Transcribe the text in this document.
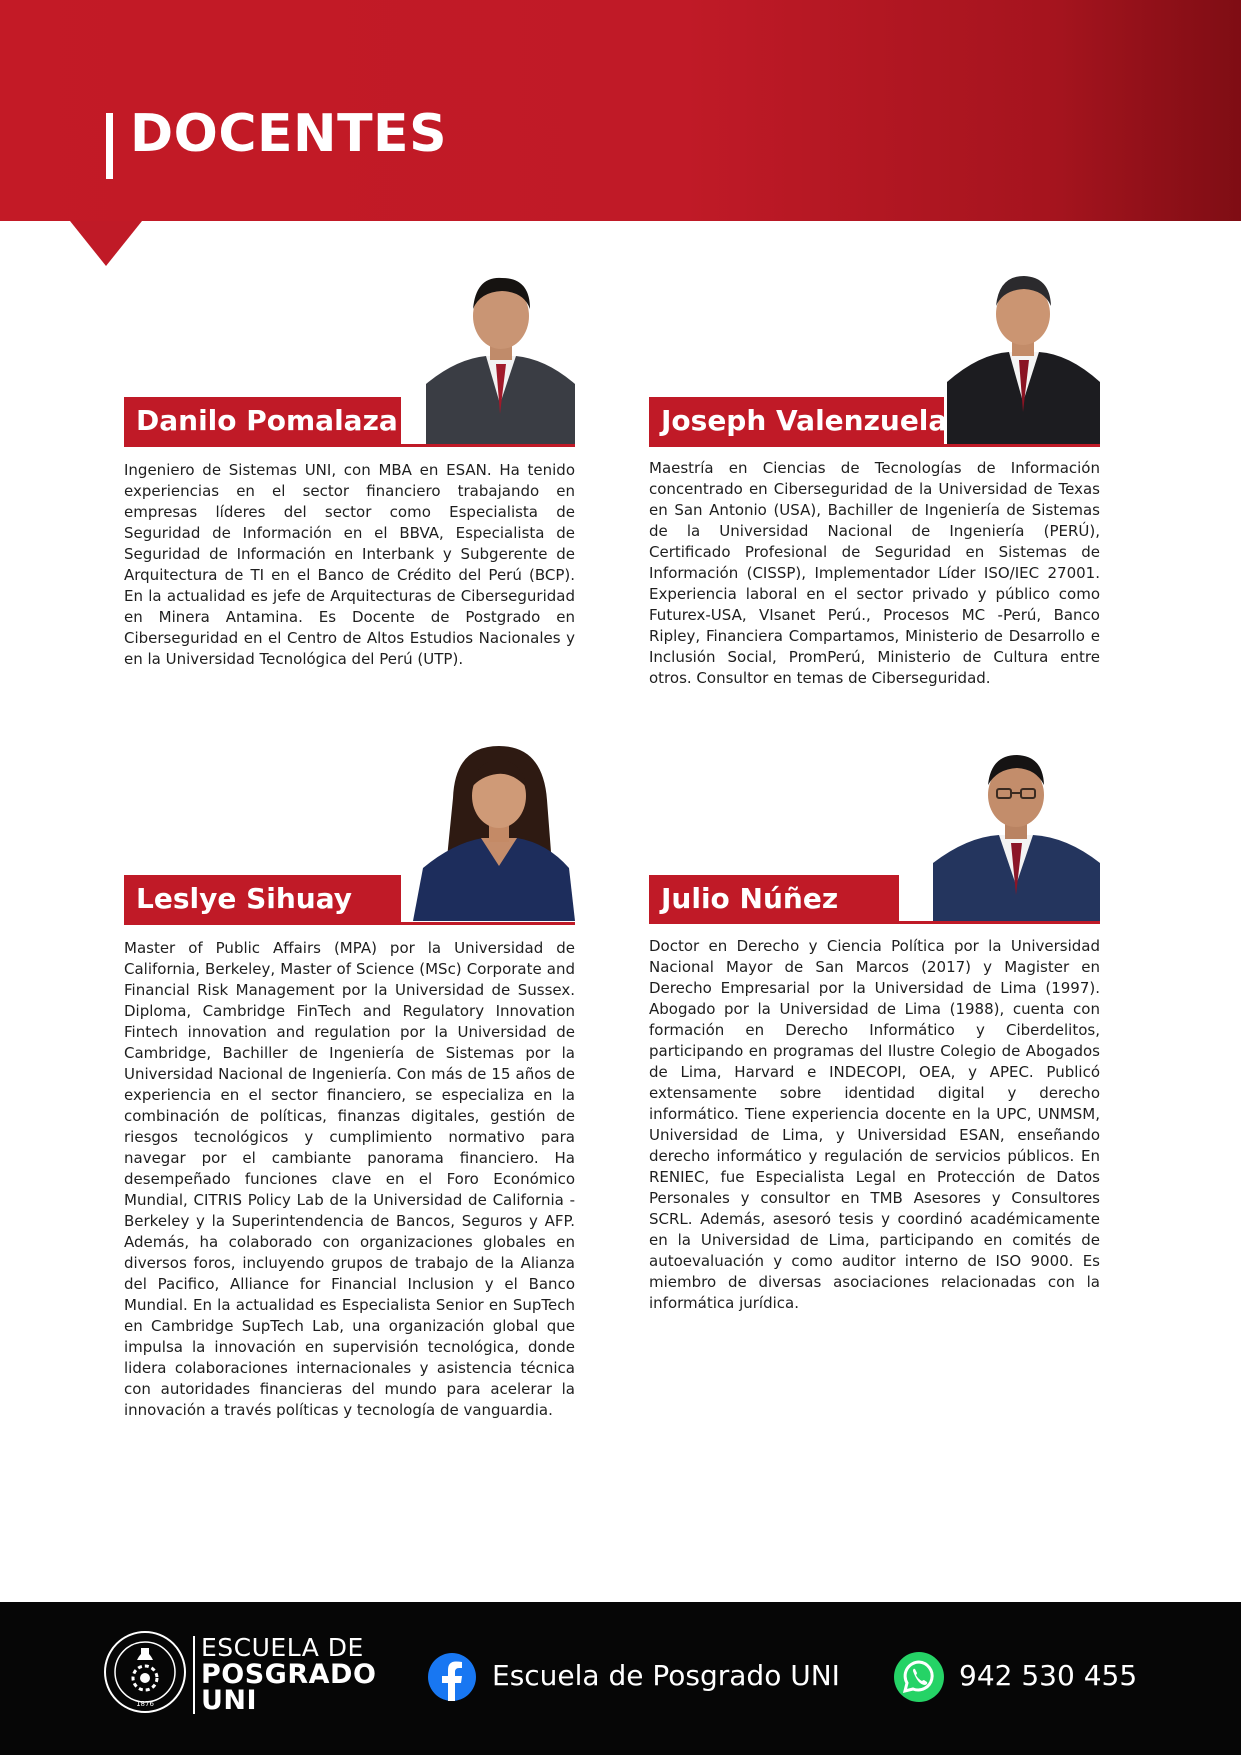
DOCENTES
Danilo Pomalaza
Ingeniero de Sistemas UNI, con MBA en ESAN. Ha tenido experiencias en el sector financiero trabajando en empresas líderes del sector como Especialista de Seguridad de Información en el BBVA, Especialista de Seguridad de Información en Interbank y Subgerente de Arquitectura de TI en el Banco de Crédito del Perú (BCP). En la actualidad es jefe de Arquitecturas de Ciberseguridad en Minera Antamina. Es Docente de Postgrado en Ciberseguridad en el Centro de Altos Estudios Nacionales y en la Universidad Tecnológica del Perú (UTP).
Joseph Valenzuela
Maestría en Ciencias de Tecnologías de Información concentrado en Ciberseguridad de la Universidad de Texas en San Antonio (USA), Bachiller de Ingeniería de Sistemas de la Universidad Nacional de Ingeniería (PERÚ), Certificado Profesional de Seguridad en Sistemas de Información (CISSP), Implementador Líder ISO/IEC 27001. Experiencia laboral en el sector privado y público como Futurex-USA, VIsanet Perú., Procesos MC -Perú, Banco Ripley, Financiera Compartamos, Ministerio de Desarrollo e Inclusión Social, PromPerú, Ministerio de Cultura entre otros. Consultor en temas de Ciberseguridad.
Leslye Sihuay
Master of Public Affairs (MPA) por la Universidad de California, Berkeley, Master of Science (MSc) Corporate and Financial Risk Management por la Universidad de Sussex. Diploma, Cambridge FinTech and Regulatory Innovation Fintech innovation and regulation por la Universidad de Cambridge, Bachiller de Ingeniería de Sistemas por la Universidad Nacional de Ingeniería. Con más de 15 años de experiencia en el sector financiero, se especializa en la combinación de políticas, finanzas digitales, gestión de riesgos tecnológicos y cumplimiento normativo para navegar por el cambiante panorama financiero. Ha desempeñado funciones clave en el Foro Económico Mundial, CITRIS Policy Lab de la Universidad de California - Berkeley y la Superintendencia de Bancos, Seguros y AFP. Además, ha colaborado con organizaciones globales en diversos foros, incluyendo grupos de trabajo de la Alianza del Pacifico, Alliance for Financial Inclusion y el Banco Mundial. En la actualidad es Especialista Senior en SupTech en Cambridge SupTech Lab, una organización global que impulsa la innovación en supervisión tecnológica, donde lidera colaboraciones internacionales y asistencia técnica con autoridades financieras del mundo para acelerar la innovación a través políticas y tecnología de vanguardia.
Julio Núñez
Doctor en Derecho y Ciencia Política por la Universidad Nacional Mayor de San Marcos (2017) y Magister en Derecho Empresarial por la Universidad de Lima (1997). Abogado por la Universidad de Lima (1988), cuenta con formación en Derecho Informático y Ciberdelitos, participando en programas del Ilustre Colegio de Abogados de Lima, Harvard e INDECOPI, OEA, y APEC. Publicó extensamente sobre identidad digital y derecho informático. Tiene experiencia docente en la UPC, UNMSM, Universidad de Lima, y Universidad ESAN, enseñando derecho informático y regulación de servicios públicos. En RENIEC, fue Especialista Legal en Protección de Datos Personales y consultor en TMB Asesores y Consultores SCRL. Además, asesoró tesis y coordinó académicamente en la Universidad de Lima, participando en comités de autoevaluación y como auditor interno de ISO 9000. Es miembro de diversas asociaciones relacionadas con la informática jurídica.
1876
ESCUELA DE
POSGRADO
UNI
Escuela de Posgrado UNI	942 530 455
